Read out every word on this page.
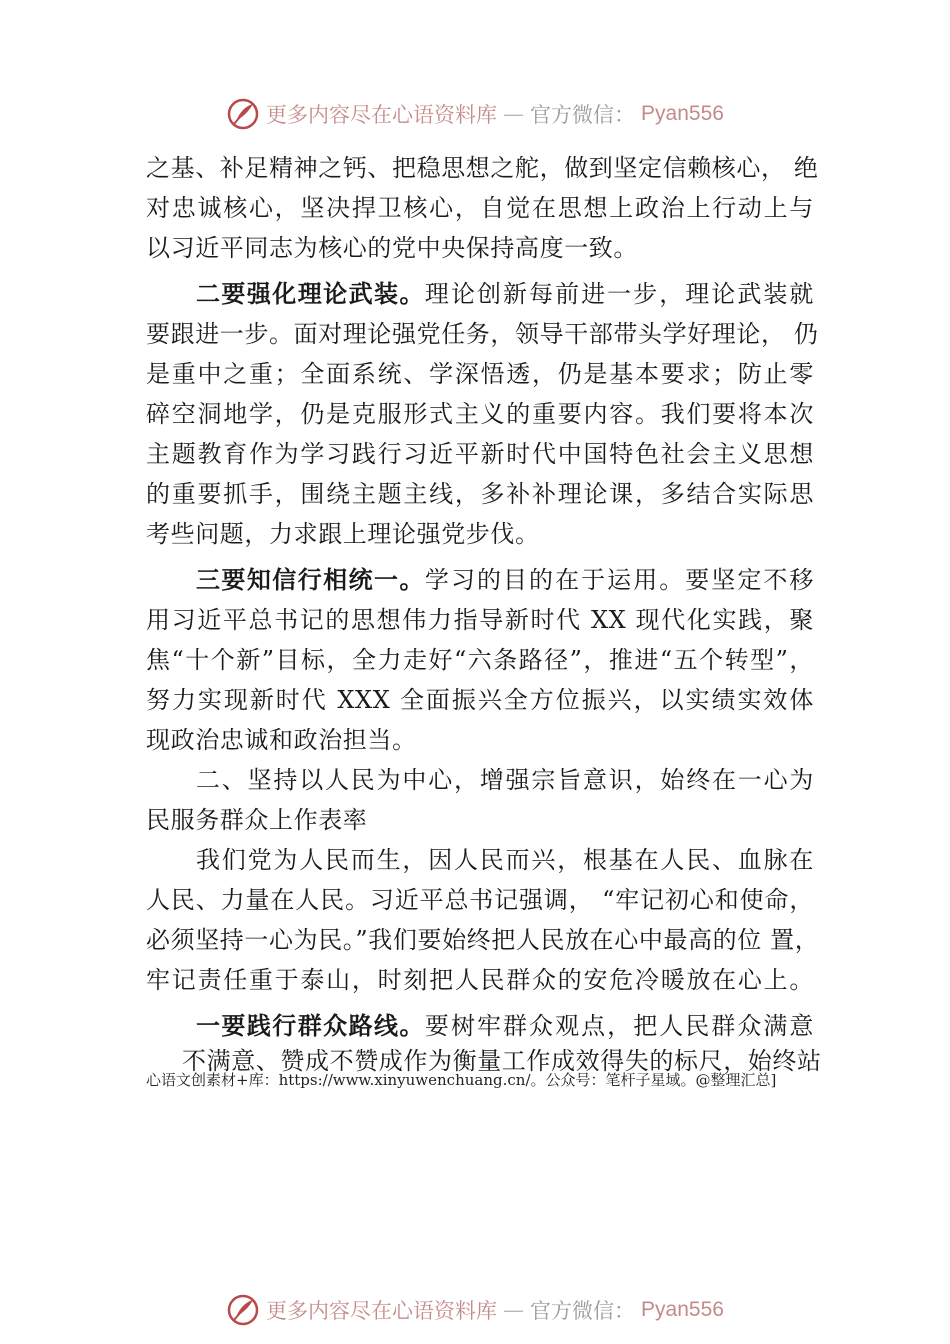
更多内容尽在心语资料库 — 官方微信： Pyan556
之基、补足精神之钙、把稳思想之舵，做到坚定信赖核心， 绝
对忠诚核心，坚决捍卫核心，自觉在思想上政治上行动上与
以习近平同志为核心的党中央保持高度一致。
二要强化理论武装。理论创新每前进一步，理论武装就
要跟进一步。面对理论强党任务，领导干部带头学好理论， 仍
是重中之重；全面系统、学深悟透，仍是基本要求；防止零
碎空洞地学，仍是克服形式主义的重要内容。我们要将本次
主题教育作为学习践行习近平新时代中国特色社会主义思想
的重要抓手，围绕主题主线，多补补理论课，多结合实际思
考些问题，力求跟上理论强党步伐。
三要知信行相统一。学习的目的在于运用。要坚定不移
用习近平总书记的思想伟力指导新时代 XX 现代化实践，聚
焦“十个新”目标，全力走好“六条路径”，推进“五个转型”，
努力实现新时代 XXX 全面振兴全方位振兴，以实绩实效体
现政治忠诚和政治担当。
二、坚持以人民为中心，增强宗旨意识，始终在一心为
民服务群众上作表率
我们党为人民而生，因人民而兴，根基在人民、血脉在
人民、力量在人民。习近平总书记强调， “牢记初心和使命，
必须坚持一心为民。”我们要始终把人民放在心中最高的位 置，
牢记责任重于泰山，时刻把人民群众的安危冷暖放在心上。
一要践行群众路线。要树牢群众观点，把人民群众满意
不满意、赞成不赞成作为衡量工作成效得失的标尺，始终站
心语文创素材+库：https://www.xinyuwenchuang.cn/。公众号：笔杆子星域。@整理汇总]
更多内容尽在心语资料库 — 官方微信： Pyan556
